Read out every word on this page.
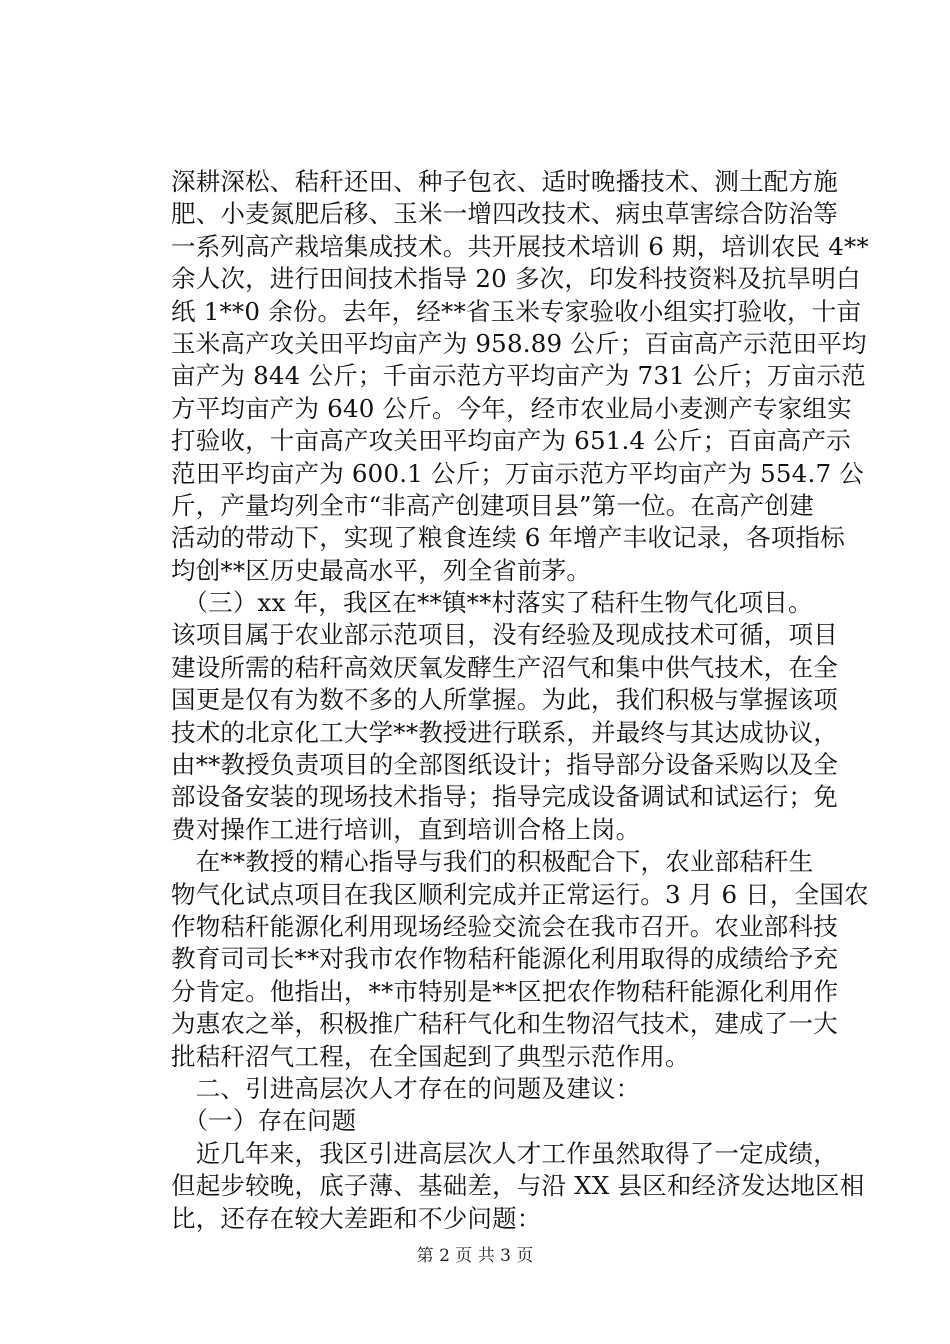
深耕深松、秸秆还田、种子包衣、适时晚播技术、测土配方施
肥、小麦氮肥后移、玉米一增四改技术、病虫草害综合防治等
一系列高产栽培集成技术。共开展技术培训 6 期，培训农民 4**
余人次，进行田间技术指导 20 多次，印发科技资料及抗旱明白
纸 1**0 余份。去年，经**省玉米专家验收小组实打验收，十亩
玉米高产攻关田平均亩产为 958.89 公斤；百亩高产示范田平均
亩产为 844 公斤；千亩示范方平均亩产为 731 公斤；万亩示范
方平均亩产为 640 公斤。今年，经市农业局小麦测产专家组实
打验收，十亩高产攻关田平均亩产为 651.4 公斤；百亩高产示
范田平均亩产为 600.1 公斤；万亩示范方平均亩产为 554.7 公
斤，产量均列全市“非高产创建项目县”第一位。在高产创建
活动的带动下，实现了粮食连续 6 年增产丰收记录，各项指标
均创**区历史最高水平，列全省前茅。
　（三）xx 年，我区在**镇**村落实了秸秆生物气化项目。
该项目属于农业部示范项目，没有经验及现成技术可循，项目
建设所需的秸秆高效厌氧发酵生产沼气和集中供气技术，在全
国更是仅有为数不多的人所掌握。为此，我们积极与掌握该项
技术的北京化工大学**教授进行联系，并最终与其达成协议，
由**教授负责项目的全部图纸设计；指导部分设备采购以及全
部设备安装的现场技术指导；指导完成设备调试和试运行；免
费对操作工进行培训，直到培训合格上岗。
　在**教授的精心指导与我们的积极配合下，农业部秸秆生
物气化试点项目在我区顺利完成并正常运行。3 月 6 日，全国农
作物秸秆能源化利用现场经验交流会在我市召开。农业部科技
教育司司长**对我市农作物秸秆能源化利用取得的成绩给予充
分肯定。他指出，**市特别是**区把农作物秸秆能源化利用作
为惠农之举，积极推广秸秆气化和生物沼气技术，建成了一大
批秸秆沼气工程，在全国起到了典型示范作用。
　二、引进高层次人才存在的问题及建议：
　（一）存在问题
　近几年来，我区引进高层次人才工作虽然取得了一定成绩，
但起步较晚，底子薄、基础差，与沿 XX 县区和经济发达地区相
比，还存在较大差距和不少问题：
第 2 页 共 3 页
